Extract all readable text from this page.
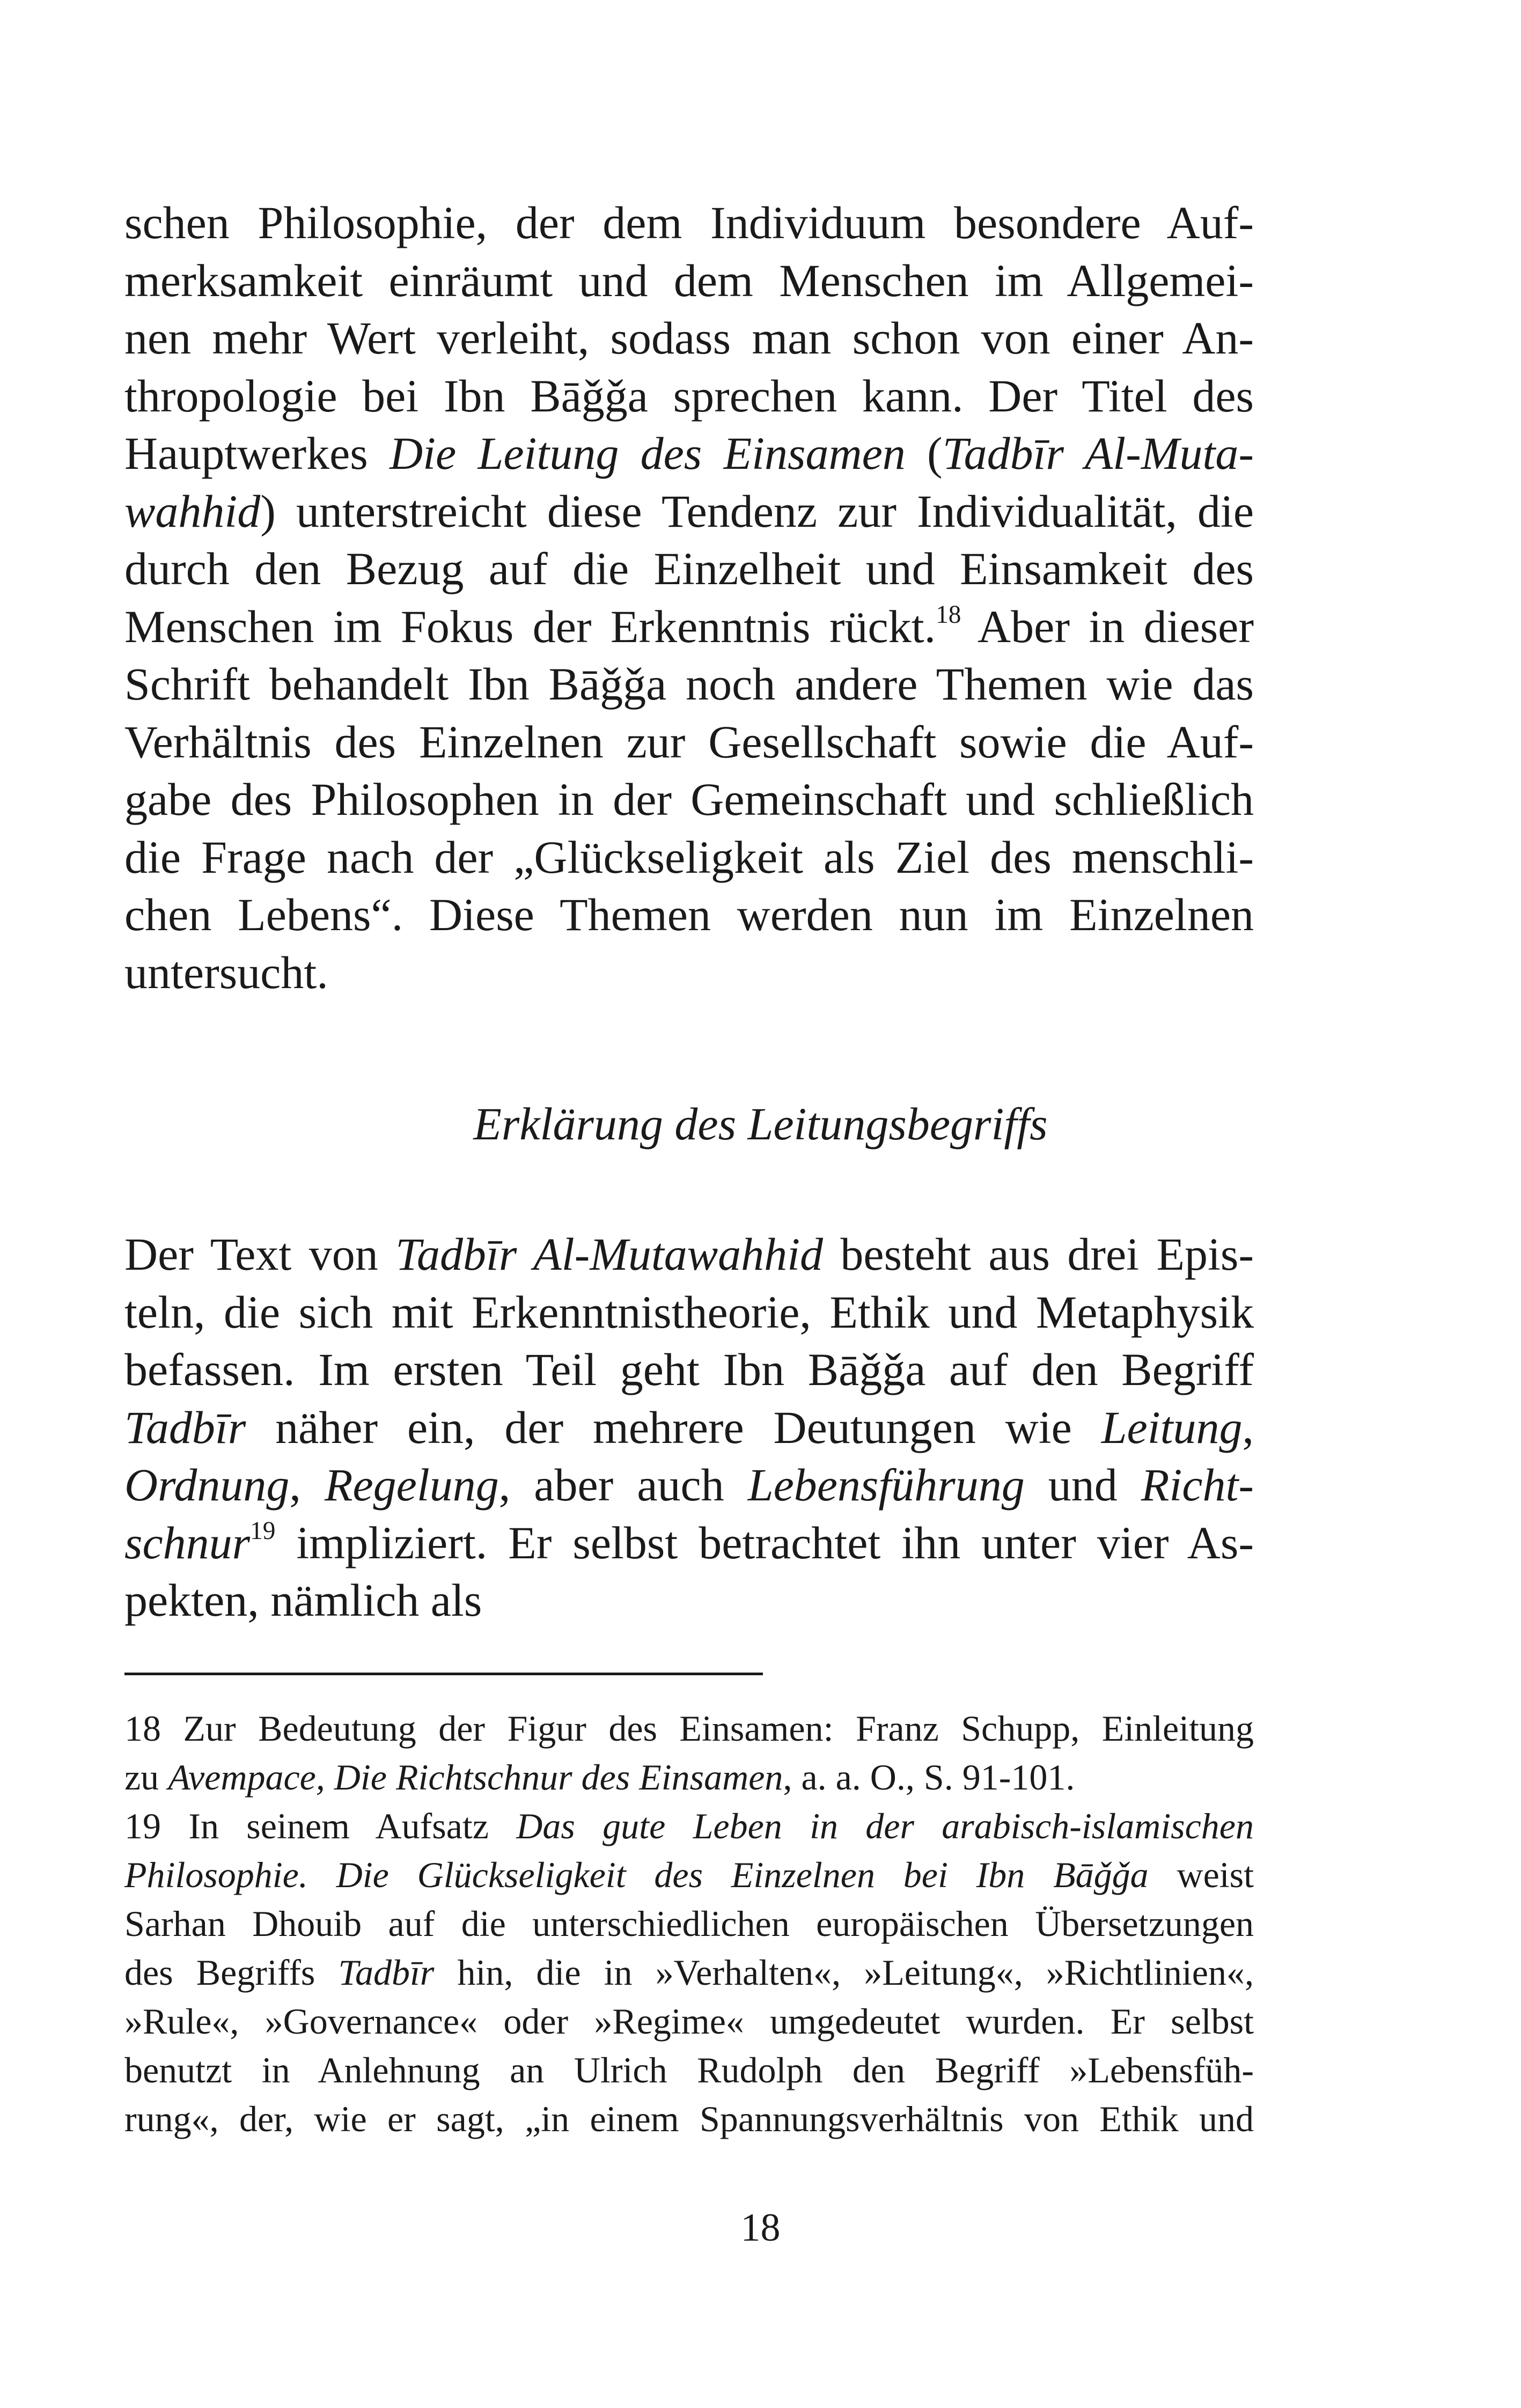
schen Philosophie, der dem Individuum besondere Auf-
merksamkeit einräumt und dem Menschen im Allgemei-
nen mehr Wert verleiht, sodass man schon von einer An-
thropologie bei Ibn Bāǧǧa sprechen kann. Der Titel des
Hauptwerkes Die Leitung des Einsamen (Tadbīr Al-Muta-
wahhid) unterstreicht diese Tendenz zur Individualität, die
durch den Bezug auf die Einzelheit und Einsamkeit des
Menschen im Fokus der Erkenntnis rückt.$^{18}$ Aber in dieser
Schrift behandelt Ibn Bāǧǧa noch andere Themen wie das
Verhältnis des Einzelnen zur Gesellschaft sowie die Auf-
gabe des Philosophen in der Gemeinschaft und schließlich
die Frage nach der „Glückseligkeit als Ziel des menschli-
chen Lebens“. Diese Themen werden nun im Einzelnen
untersucht.
Erklärung des Leitungsbegriffs
Der Text von Tadbīr Al-Mutawahhid besteht aus drei Epis-
teln, die sich mit Erkenntnistheorie, Ethik und Metaphysik
befassen. Im ersten Teil geht Ibn Bāǧǧa auf den Begriff
Tadbīr näher ein, der mehrere Deutungen wie Leitung,
Ordnung, Regelung, aber auch Lebensführung und Richt-
schnur$^{19}$ impliziert. Er selbst betrachtet ihn unter vier As-
pekten, nämlich als
18 Zur Bedeutung der Figur des Einsamen: Franz Schupp, Einleitung
zu Avempace, Die Richtschnur des Einsamen, a. a. O., S. 91-101.
19 In seinem Aufsatz Das gute Leben in der arabisch-islamischen
Philosophie. Die Glückseligkeit des Einzelnen bei Ibn Bāǧǧa weist
Sarhan Dhouib auf die unterschiedlichen europäischen Übersetzungen
des Begriffs Tadbīr hin, die in »Verhalten«, »Leitung«, »Richtlinien«,
»Rule«, »Governance« oder »Regime« umgedeutet wurden. Er selbst
benutzt in Anlehnung an Ulrich Rudolph den Begriff »Lebensfüh-
rung«, der, wie er sagt, „in einem Spannungsverhältnis von Ethik und
18
